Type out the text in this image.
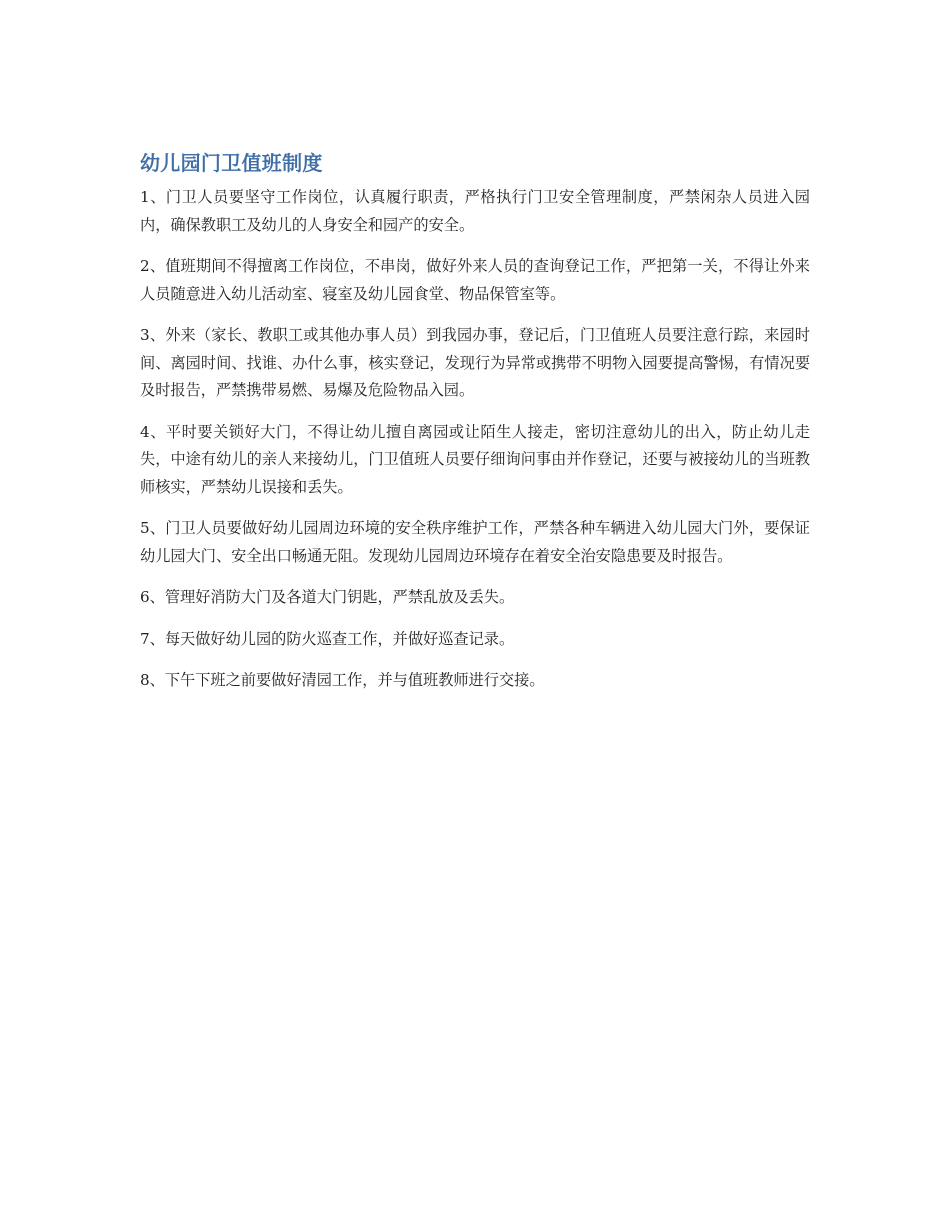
幼儿园门卫值班制度

1、门卫人员要坚守工作岗位，认真履行职责，严格执行门卫安全管理制度，严禁闲杂人员进入园内，确保教职工及幼儿的人身安全和园产的安全。

2、值班期间不得擅离工作岗位，不串岗，做好外来人员的查询登记工作，严把第一关，不得让外来人员随意进入幼儿活动室、寝室及幼儿园食堂、物品保管室等。

3、外来（家长、教职工或其他办事人员）到我园办事，登记后，门卫值班人员要注意行踪，来园时间、离园时间、找谁、办什么事，核实登记，发现行为异常或携带不明物入园要提高警惕，有情况要及时报告，严禁携带易燃、易爆及危险物品入园。

4、平时要关锁好大门，不得让幼儿擅自离园或让陌生人接走，密切注意幼儿的出入，防止幼儿走失，中途有幼儿的亲人来接幼儿，门卫值班人员要仔细询问事由并作登记，还要与被接幼儿的当班教师核实，严禁幼儿误接和丢失。

5、门卫人员要做好幼儿园周边环境的安全秩序维护工作，严禁各种车辆进入幼儿园大门外，要保证幼儿园大门、安全出口畅通无阻。发现幼儿园周边环境存在着安全治安隐患要及时报告。

6、管理好消防大门及各道大门钥匙，严禁乱放及丢失。

7、每天做好幼儿园的防火巡查工作，并做好巡查记录。

8、下午下班之前要做好清园工作，并与值班教师进行交接。
